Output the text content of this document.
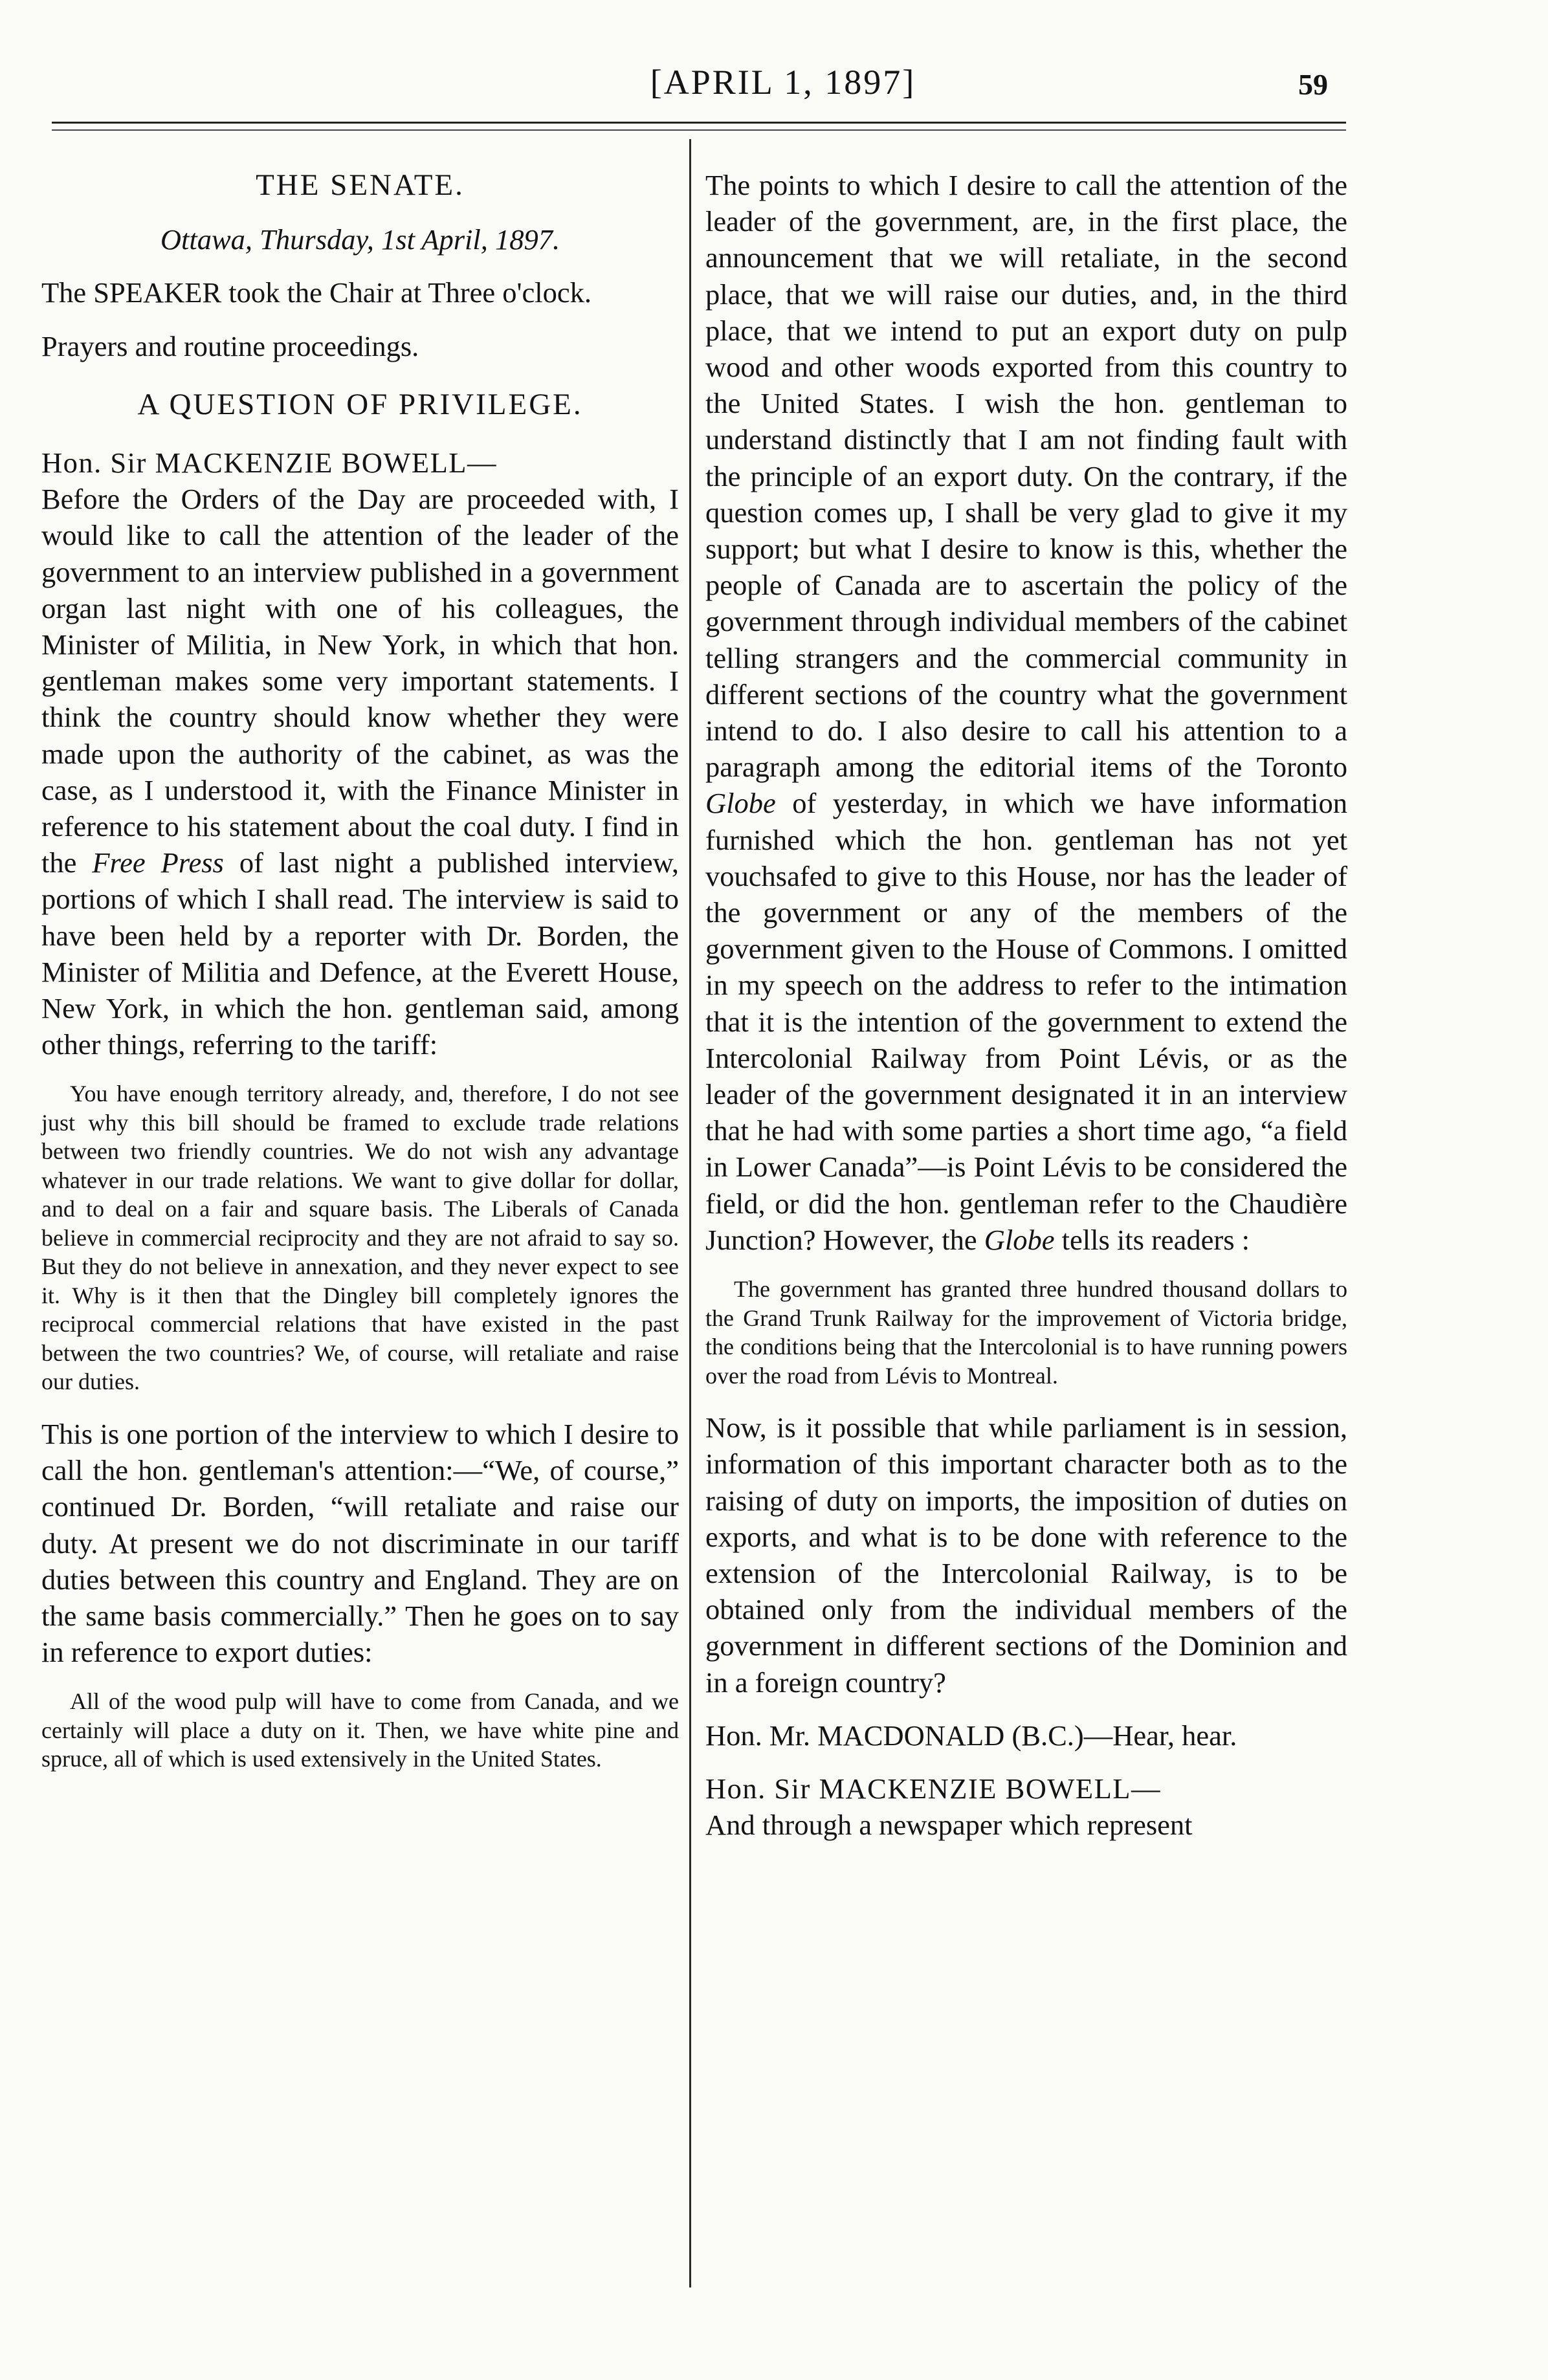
[APRIL 1, 1897]	59

THE SENATE.

Ottawa, Thursday, 1st April, 1897.

The SPEAKER took the Chair at Three o'clock.

Prayers and routine proceedings.

A QUESTION OF PRIVILEGE.

Hon. Sir MACKENZIE BOWELL—

Before the Orders of the Day are proceeded with, I would like to call the attention of the leader of the government to an interview published in a government organ last night with one of his colleagues, the Minister of Militia, in New York, in which that hon. gentleman makes some very important statements. I think the country should know whether they were made upon the authority of the cabinet, as was the case, as I understood it, with the Finance Minister in reference to his statement about the coal duty. I find in the Free Press of last night a published interview, portions of which I shall read. The interview is said to have been held by a reporter with Dr. Borden, the Minister of Militia and Defence, at the Everett House, New York, in which the hon. gentleman said, among other things, referring to the tariff:

You have enough territory already, and, therefore, I do not see just why this bill should be framed to exclude trade relations between two friendly countries. We do not wish any advantage whatever in our trade relations. We want to give dollar for dollar, and to deal on a fair and square basis. The Liberals of Canada believe in commercial reciprocity and they are not afraid to say so. But they do not believe in annexation, and they never expect to see it. Why is it then that the Dingley bill completely ignores the reciprocal commercial relations that have existed in the past between the two countries? We, of course, will retaliate and raise our duties.

This is one portion of the interview to which I desire to call the hon. gentleman's attention:—“We, of course,” continued Dr. Borden, “will retaliate and raise our duty. At present we do not discriminate in our tariff duties between this country and England. They are on the same basis commercially.” Then he goes on to say in reference to export duties:

All of the wood pulp will have to come from Canada, and we certainly will place a duty on it. Then, we have white pine and spruce, all of which is used extensively in the United States.

The points to which I desire to call the attention of the leader of the government, are, in the first place, the announcement that we will retaliate, in the second place, that we will raise our duties, and, in the third place, that we intend to put an export duty on pulp wood and other woods exported from this country to the United States. I wish the hon. gentleman to understand distinctly that I am not finding fault with the principle of an export duty. On the contrary, if the question comes up, I shall be very glad to give it my support; but what I desire to know is this, whether the people of Canada are to ascertain the policy of the government through individual members of the cabinet telling strangers and the commercial community in different sections of the country what the government intend to do. I also desire to call his attention to a paragraph among the editorial items of the Toronto Globe of yesterday, in which we have information furnished which the hon. gentleman has not yet vouchsafed to give to this House, nor has the leader of the government or any of the members of the government given to the House of Commons. I omitted in my speech on the address to refer to the intimation that it is the intention of the government to extend the Intercolonial Railway from Point Lévis, or as the leader of the government designated it in an interview that he had with some parties a short time ago, “a field in Lower Canada”—is Point Lévis to be considered the field, or did the hon. gentleman refer to the Chaudière Junction? However, the Globe tells its readers :

The government has granted three hundred thousand dollars to the Grand Trunk Railway for the improvement of Victoria bridge, the conditions being that the Intercolonial is to have running powers over the road from Lévis to Montreal.

Now, is it possible that while parliament is in session, information of this important character both as to the raising of duty on imports, the imposition of duties on exports, and what is to be done with reference to the extension of the Intercolonial Railway, is to be obtained only from the individual members of the government in different sections of the Dominion and in a foreign country?

Hon. Mr. MACDONALD (B.C.)—Hear, hear.

Hon. Sir MACKENZIE BOWELL—

And through a newspaper which represent
